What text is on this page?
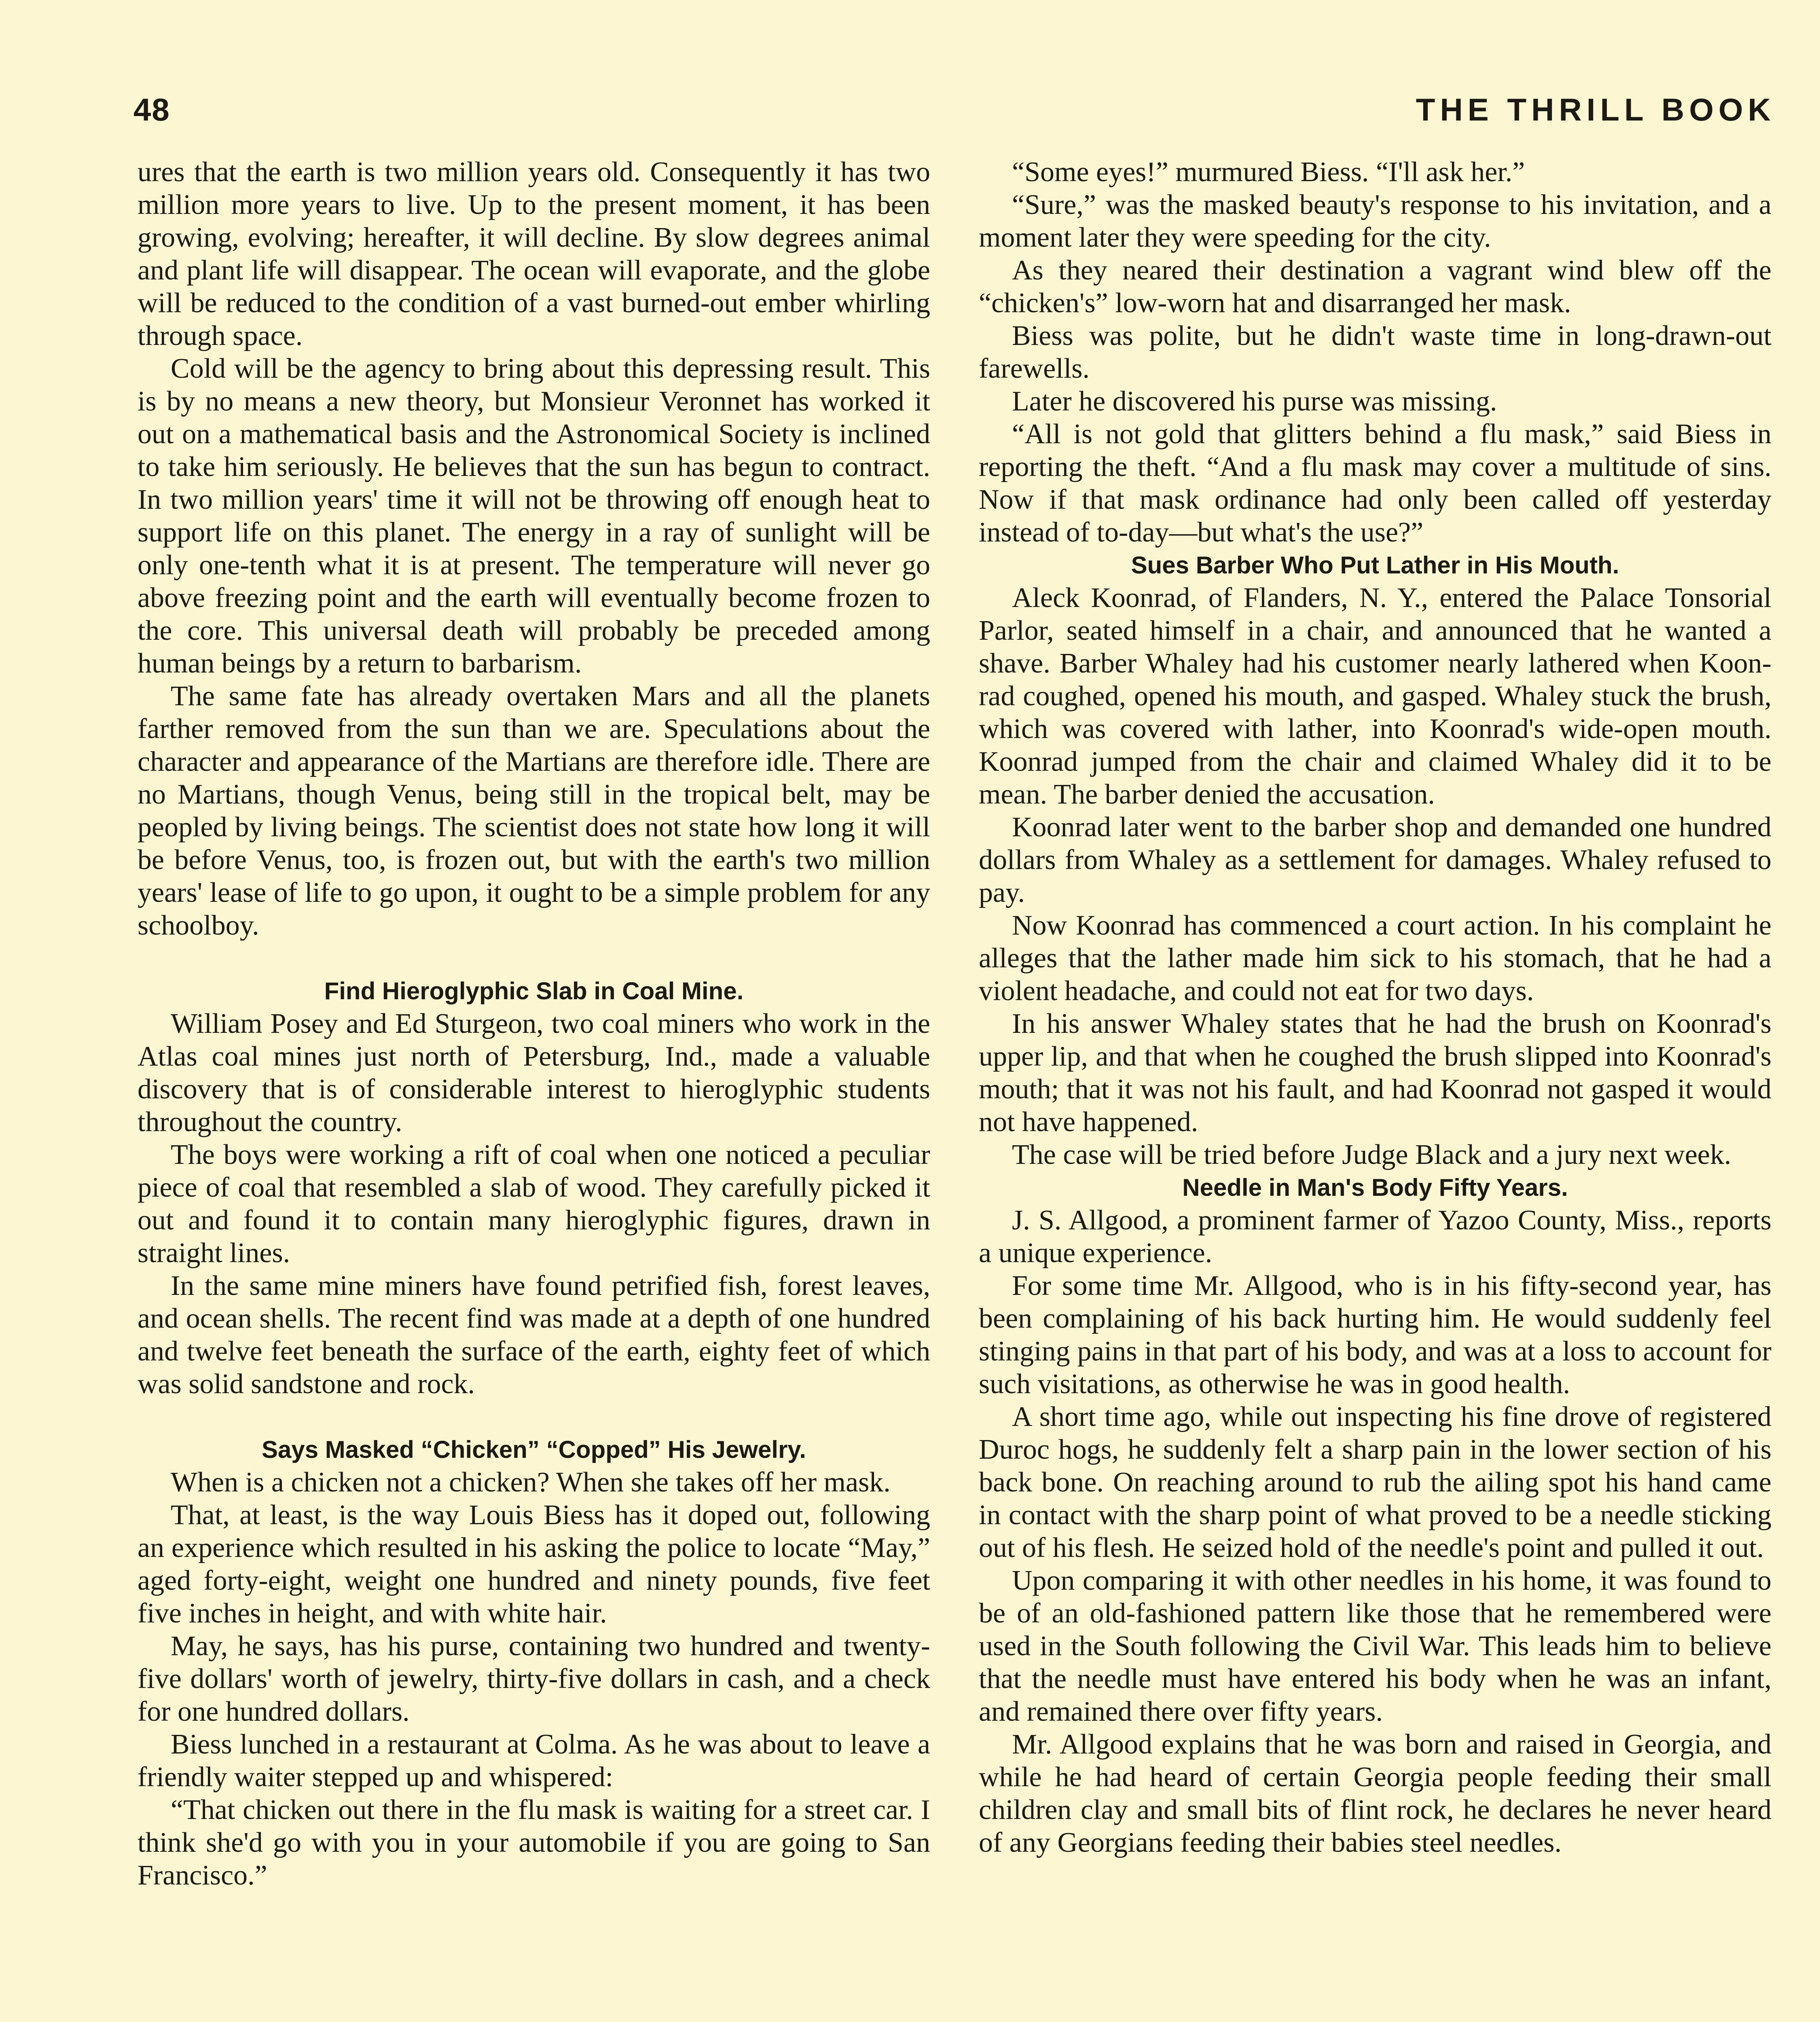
48	THE THRILL BOOK

ures that the earth is two million years old. Consequently it has two million more years to live. Up to the present moment, it has been growing, evolving; hereafter, it will decline. By slow degrees animal and plant life will disappear. The ocean will evaporate, and the globe will be reduced to the condition of a vast burned-out ember whirling through space.

Cold will be the agency to bring about this depressing result. This is by no means a new theory, but Monsieur Veronnet has worked it out on a mathematical basis and the Astronomical Society is inclined to take him seriously. He believes that the sun has begun to contract. In two million years' time it will not be throwing off enough heat to support life on this planet. The energy in a ray of sunlight will be only one-tenth what it is at present. The temperature will never go above freezing point and the earth will eventually become frozen to the core. This universal death will probably be preceded among human beings by a return to barbarism.

The same fate has already overtaken Mars and all the planets farther removed from the sun than we are. Speculations about the character and appearance of the Martians are therefore idle. There are no Martians, though Venus, being still in the tropical belt, may be peopled by living beings. The scientist does not state how long it will be before Venus, too, is frozen out, but with the earth's two million years' lease of life to go upon, it ought to be a simple problem for any schoolboy.

Find Hieroglyphic Slab in Coal Mine.

William Posey and Ed Sturgeon, two coal miners who work in the Atlas coal mines just north of Petersburg, Ind., made a valuable discovery that is of considerable interest to hieroglyphic students throughout the country.

The boys were working a rift of coal when one noticed a peculiar piece of coal that resembled a slab of wood. They carefully picked it out and found it to contain many hieroglyphic figures, drawn in straight lines.

In the same mine miners have found petrified fish, forest leaves, and ocean shells. The recent find was made at a depth of one hundred and twelve feet beneath the surface of the earth, eighty feet of which was solid sandstone and rock.

Says Masked “Chicken” “Copped” His Jewelry.

When is a chicken not a chicken? When she takes off her mask.

That, at least, is the way Louis Biess has it doped out, following an experience which resulted in his asking the police to locate “May,” aged forty-eight, weight one hundred and ninety pounds, five feet five inches in height, and with white hair.

May, he says, has his purse, containing two hundred and twenty-five dollars' worth of jewelry, thirty-five dollars in cash, and a check for one hundred dollars.

Biess lunched in a restaurant at Colma. As he was about to leave a friendly waiter stepped up and whispered:

“That chicken out there in the flu mask is waiting for a street car. I think she'd go with you in your automobile if you are going to San Francisco.”

“Some eyes!” murmured Biess. “I'll ask her.”

“Sure,” was the masked beauty's response to his invitation, and a moment later they were speeding for the city.

As they neared their destination a vagrant wind blew off the “chicken's” low-worn hat and disarranged her mask.

Biess was polite, but he didn't waste time in long-drawn-out farewells.

Later he discovered his purse was missing.

“All is not gold that glitters behind a flu mask,” said Biess in reporting the theft. “And a flu mask may cover a multitude of sins. Now if that mask ordinance had only been called off yesterday instead of to-day—but what's the use?”

Sues Barber Who Put Lather in His Mouth.

Aleck Koonrad, of Flanders, N. Y., entered the Palace Tonsorial Parlor, seated himself in a chair, and announced that he wanted a shave. Barber Whaley had his customer nearly lathered when Koonrad coughed, opened his mouth, and gasped. Whaley stuck the brush, which was covered with lather, into Koonrad's wide-open mouth. Koonrad jumped from the chair and claimed Whaley did it to be mean. The barber denied the accusation.

Koonrad later went to the barber shop and demanded one hundred dollars from Whaley as a settlement for damages. Whaley refused to pay.

Now Koonrad has commenced a court action. In his complaint he alleges that the lather made him sick to his stomach, that he had a violent headache, and could not eat for two days.

In his answer Whaley states that he had the brush on Koonrad's upper lip, and that when he coughed the brush slipped into Koonrad's mouth; that it was not his fault, and had Koonrad not gasped it would not have happened.

The case will be tried before Judge Black and a jury next week.

Needle in Man's Body Fifty Years.

J. S. Allgood, a prominent farmer of Yazoo County, Miss., reports a unique experience.

For some time Mr. Allgood, who is in his fifty-second year, has been complaining of his back hurting him. He would suddenly feel stinging pains in that part of his body, and was at a loss to account for such visitations, as otherwise he was in good health.

A short time ago, while out inspecting his fine drove of registered Duroc hogs, he suddenly felt a sharp pain in the lower section of his back bone. On reaching around to rub the ailing spot his hand came in contact with the sharp point of what proved to be a needle sticking out of his flesh. He seized hold of the needle's point and pulled it out.

Upon comparing it with other needles in his home, it was found to be of an old-fashioned pattern like those that he remembered were used in the South following the Civil War. This leads him to believe that the needle must have entered his body when he was an infant, and remained there over fifty years.

Mr. Allgood explains that he was born and raised in Georgia, and while he had heard of certain Georgia people feeding their small children clay and small bits of flint rock, he declares he never heard of any Georgians feeding their babies steel needles.
